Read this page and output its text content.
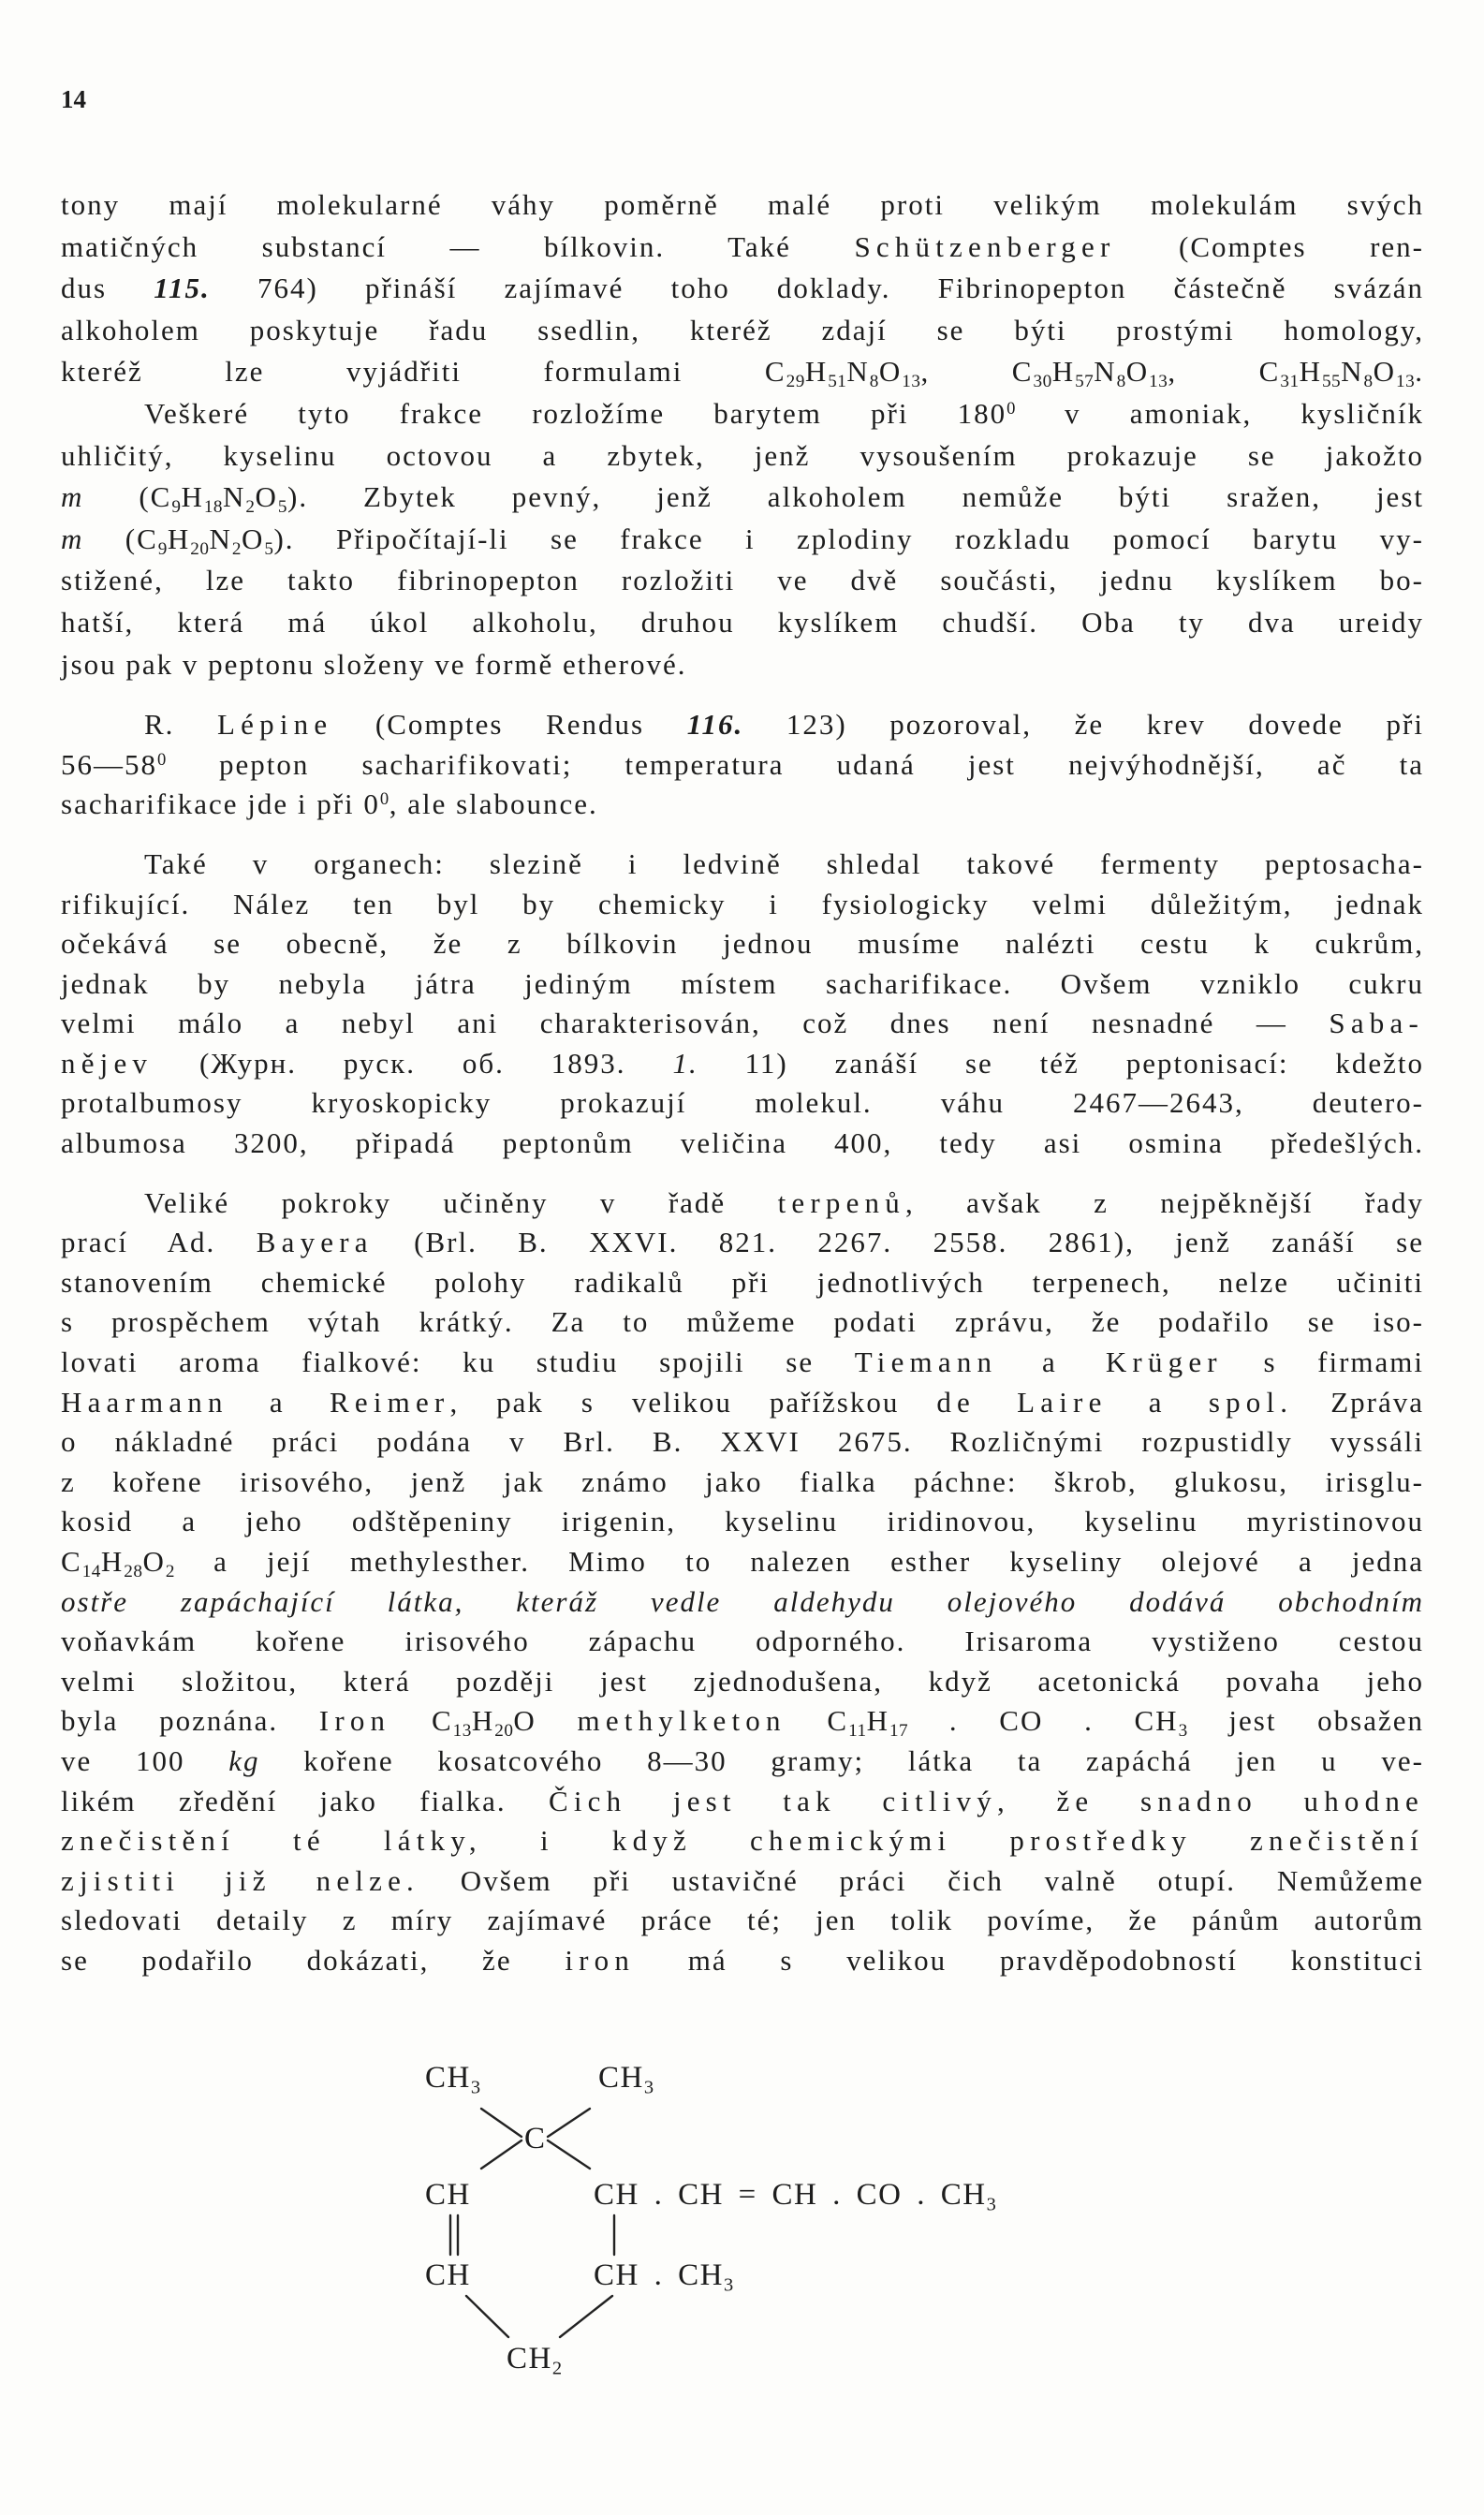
14
tony mají molekularné váhy poměrně malé proti velikým molekulám svých
matičných substancí — bílkovin. Také Schützenberger (Comptes ren-
dus 115. 764) přináší zajímavé toho doklady. Fibrinopepton částečně svázán
alkoholem poskytuje řadu ssedlin, kteréž zdají se býti prostými homology,
kteréž lze vyjádřiti formulami $C_{29}H_{51}N_8O_{13}$, $C_{30}H_{57}N_8O_{13}$, $C_{31}H_{55}N_8O_{13}$.
Veškeré tyto frakce rozložíme barytem při $180^0$ v amoniak, kysličník
uhličitý, kyselinu octovou a zbytek, jenž vysoušením prokazuje se jakožto
m $(C_9H_{18}N_2O_5)$. Zbytek pevný, jenž alkoholem nemůže býti sražen, jest
m $(C_9H_{20}N_2O_5)$. Připočítají-li se frakce i zplodiny rozkladu pomocí barytu vy-
stižené, lze takto fibrinopepton rozložiti ve dvě součásti, jednu kyslíkem bo-
hatší, která má úkol alkoholu, druhou kyslíkem chudší. Oba ty dva ureidy
jsou pak v peptonu složeny ve formě etherové.
R. Lépine (Comptes Rendus 116. 123) pozoroval, že krev dovede při
$56—58^0$ pepton sacharifikovati; temperatura udaná jest nejvýhodnější, ač ta
sacharifikace jde i při $0^0$, ale slabounce.
Také v organech: slezině i ledvině shledal takové fermenty peptosacha-
rifikující. Nález ten byl by chemicky i fysiologicky velmi důležitým, jednak
očekává se obecně, že z bílkovin jednou musíme nalézti cestu k cukrům,
jednak by nebyla játra jediným místem sacharifikace. Ovšem vzniklo cukru
velmi málo a nebyl ani charakterisován, což dnes není nesnadné — Saba-
nějev (Журн. руск. об. 1893. 1. 11) zanáší se též peptonisací: kdežto
protalbumosy kryoskopicky prokazují molekul. váhu 2467—2643, deutero-
albumosa 3200, připadá peptonům veličina 400, tedy asi osmina předešlých.
Veliké pokroky učiněny v řadě terpenů, avšak z nejpěknější řady
prací Ad. Bayera (Brl. B. XXVI. 821. 2267. 2558. 2861), jenž zanáší se
stanovením chemické polohy radikalů při jednotlivých terpenech, nelze učiniti
s prospěchem výtah krátký. Za to můžeme podati zprávu, že podařilo se iso-
lovati aroma fialkové: ku studiu spojili se Tiemann a Krüger s firmami
Haarmann a Reimer, pak s velikou pařížskou de Laire a spol. Zpráva
o nákladné práci podána v Brl. B. XXVI 2675. Rozličnými rozpustidly vyssáli
z kořene irisového, jenž jak známo jako fialka páchne: škrob, glukosu, irisglu-
kosid a jeho odštěpeniny irigenin, kyselinu iridinovou, kyselinu myristinovou
$C_{14}H_{28}O_2$ a její methylesther. Mimo to nalezen esther kyseliny olejové a jedna
ostře zapáchající látka, kteráž vedle aldehydu olejového dodává obchodním
voňavkám kořene irisového zápachu odporného. Irisaroma vystiženo cestou
velmi složitou, která později jest zjednodušena, když acetonická povaha jeho
byla poznána. Iron $C_{13}H_{20}O$ methylketon $C_{11}H_{17}$ . CO . $CH_3$ jest obsažen
ve 100 kg kořene kosatcového 8—30 gramy; látka ta zapáchá jen u ve-
likém zředění jako fialka. Čich jest tak citlivý, že snadno uhodne
znečistění té látky, i když chemickými prostředky znečistění
zjistiti již nelze. Ovšem při ustavičné práci čich valně otupí. Nemůžeme
sledovati detaily z míry zajímavé práce té; jen tolik povíme, že pánům autorům
se podařilo dokázati, že iron má s velikou pravděpodobností konstituci
$CH_3$	$CH_3$
C
CH	CH . CH = CH . CO . $CH_3$
CH	CH . $CH_3$
$CH_2$
